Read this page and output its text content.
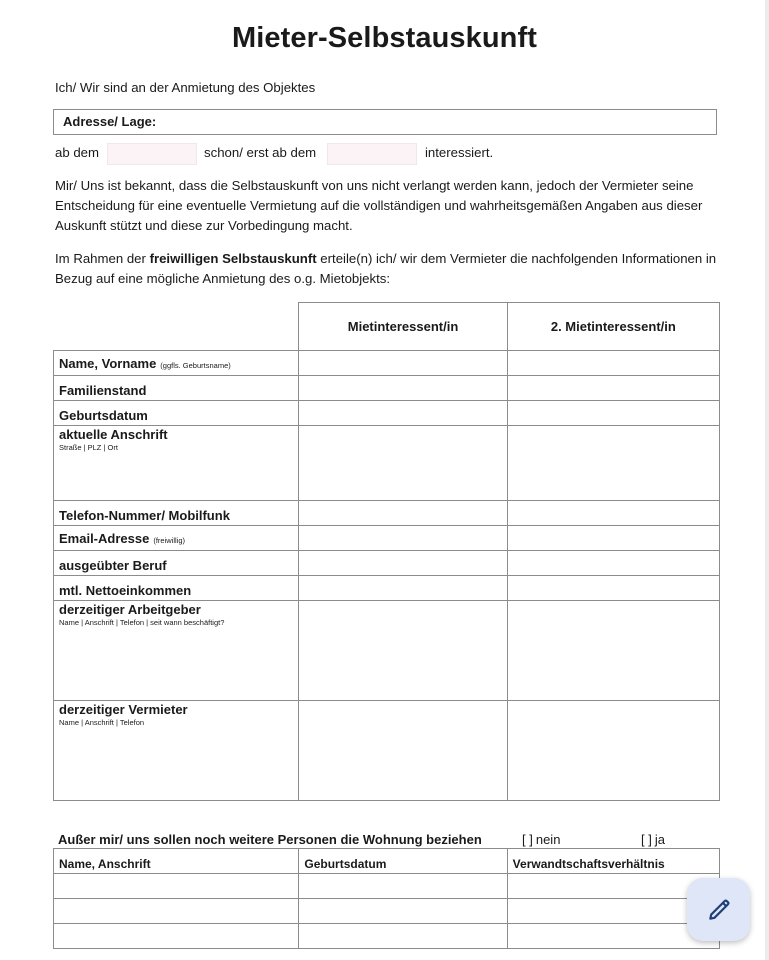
Mieter-Selbstauskunft

Ich/ Wir sind an der Anmietung des Objektes

Adresse/ Lage:
ab dem	schon/ erst ab dem	interessiert.

Mir/ Uns ist bekannt, dass die Selbstauskunft von uns nicht verlangt werden kann, jedoch der Vermieter seine Entscheidung für eine eventuelle Vermietung auf die vollständigen und wahrheitsgemäßen Angaben aus dieser Auskunft stützt und diese zur Vorbedingung macht.

Im Rahmen der freiwilligen Selbstauskunft erteile(n) ich/ wir dem Vermieter die nachfolgenden Informationen in Bezug auf eine mögliche Anmietung des o.g. Mietobjekts:

	Mietinteressent/in	2. Mietinteressent/in

Name, Vorname (ggfls. Geburtsname)		

Familienstand		

Geburtsdatum		

aktuelle Anschrift
Straße | PLZ | Ort		

Telefon-Nummer/ Mobilfunk		

Email-Adresse (freiwillig)		

ausgeübter Beruf		

mtl. Nettoeinkommen		

derzeitiger Arbeitgeber
Name | Anschrift | Telefon | seit wann beschäftigt?		

derzeitiger Vermieter
Name | Anschrift | Telefon		

Außer mir/ uns sollen noch weitere Personen die Wohnung beziehen	[ ] nein	[ ] ja
Name, Anschrift	Geburtsdatum	Verwandtschaftsverhältnis
